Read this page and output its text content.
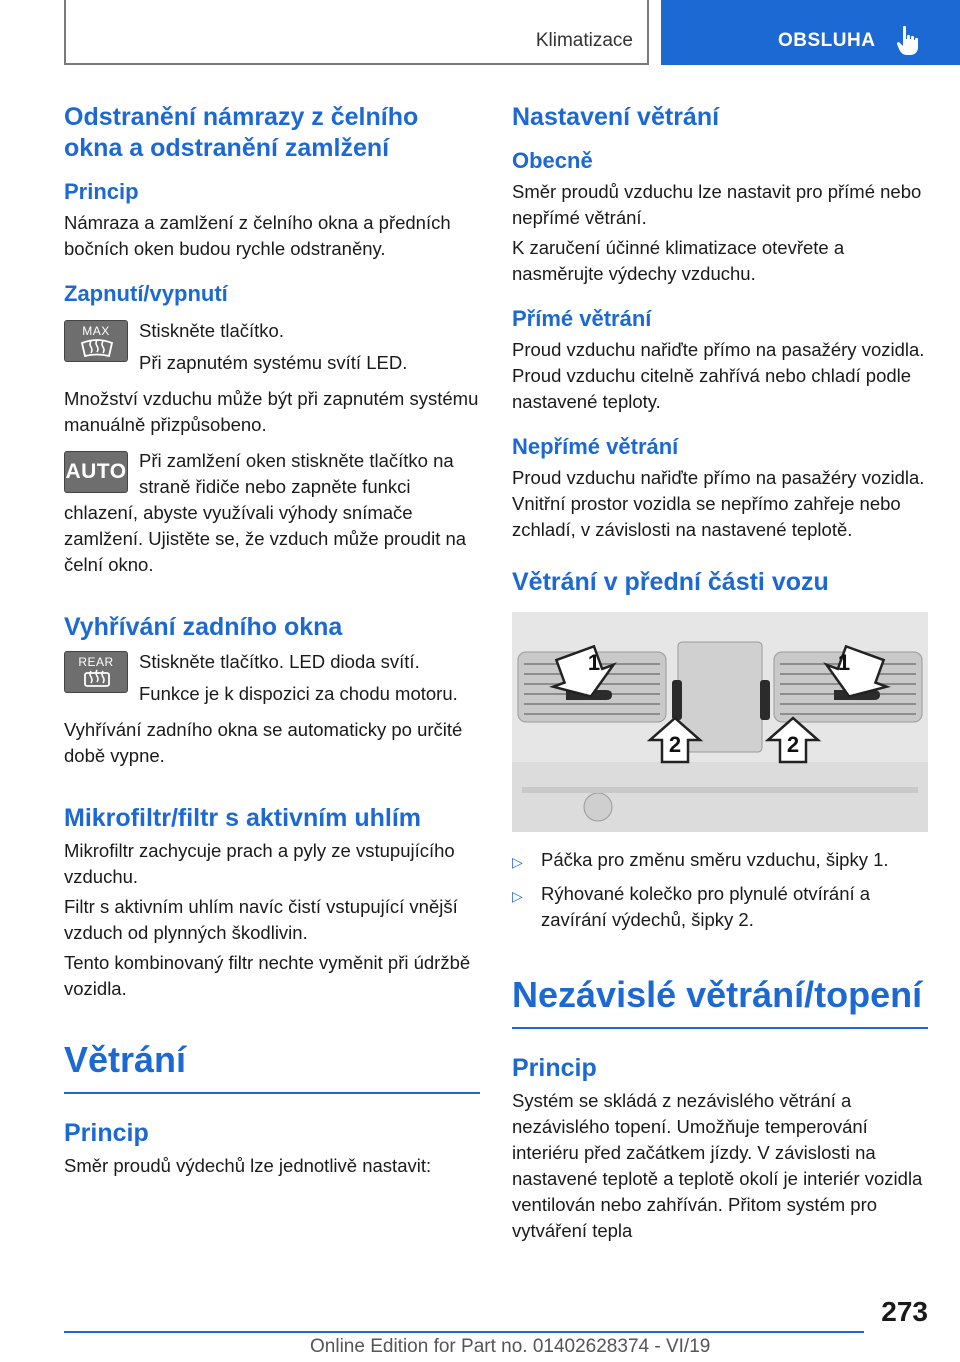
Klimatizace	OBSLUHA
Odstranění námrazy z čelního okna a odstranění zamlžení
Princip

Námraza a zamlžení z čelního okna a předních bočních oken budou rychle odstraněny.

Zapnutí/vypnutí
MAX	Stiskněte tlačítko.

Při zapnutém systému svítí LED.

Množství vzduchu může být při zapnutém systému manuálně přizpůsobeno.

AUTO Při zamlžení oken stiskněte tlačítko na straně řidiče nebo zapněte funkci chlazení, abyste využívali výhody snímače zamlžení. Ujistěte se, že vzduch může proudit na čelní okno.

Vyhřívání zadního okna
REAR	Stiskněte tlačítko. LED dioda svítí.

Funkce je k dispozici za chodu motoru.

Vyhřívání zadního okna se automaticky po určité době vypne.

Mikrofiltr/filtr s aktivním uhlím

Mikrofiltr zachycuje prach a pyly ze vstupujícího vzduchu.

Filtr s aktivním uhlím navíc čistí vstupující vnější vzduch od plynných škodlivin.

Tento kombinovaný filtr nechte vyměnit při údržbě vozidla.

Větrání
Princip

Směr proudů výdechů lze jednotlivě nastavit:

Nastavení větrání
Obecně

Směr proudů vzduchu lze nastavit pro přímé nebo nepřímé větrání.

K zaručení účinné klimatizace otevřete a nasměrujte výdechy vzduchu.

Přímé větrání

Proud vzduchu nařiďte přímo na pasažéry vozidla. Proud vzduchu citelně zahřívá nebo chladí podle nastavené teploty.

Nepřímé větrání

Proud vzduchu nařiďte přímo na pasažéry vozidla. Vnitřní prostor vozidla se nepřímo zahřeje nebo zchladí, v závislosti na nastavené teplotě.

Větrání v přední části vozu
1	1
2	2
▷ Páčka pro změnu směru vzduchu, šipky 1.
▷ Rýhované kolečko pro plynulé otvírání a zavírání výdechů, šipky 2.
Nezávislé větrání/topení
Princip

Systém se skládá z nezávislého větrání a nezávislého topení. Umožňuje temperování interiéru před začátkem jízdy. V závislosti na nastavené teplotě a teplotě okolí je interiér vozidla ventilován nebo zahříván. Přitom systém pro vytváření tepla

273
Online Edition for Part no. 01402628374 - VI/19
